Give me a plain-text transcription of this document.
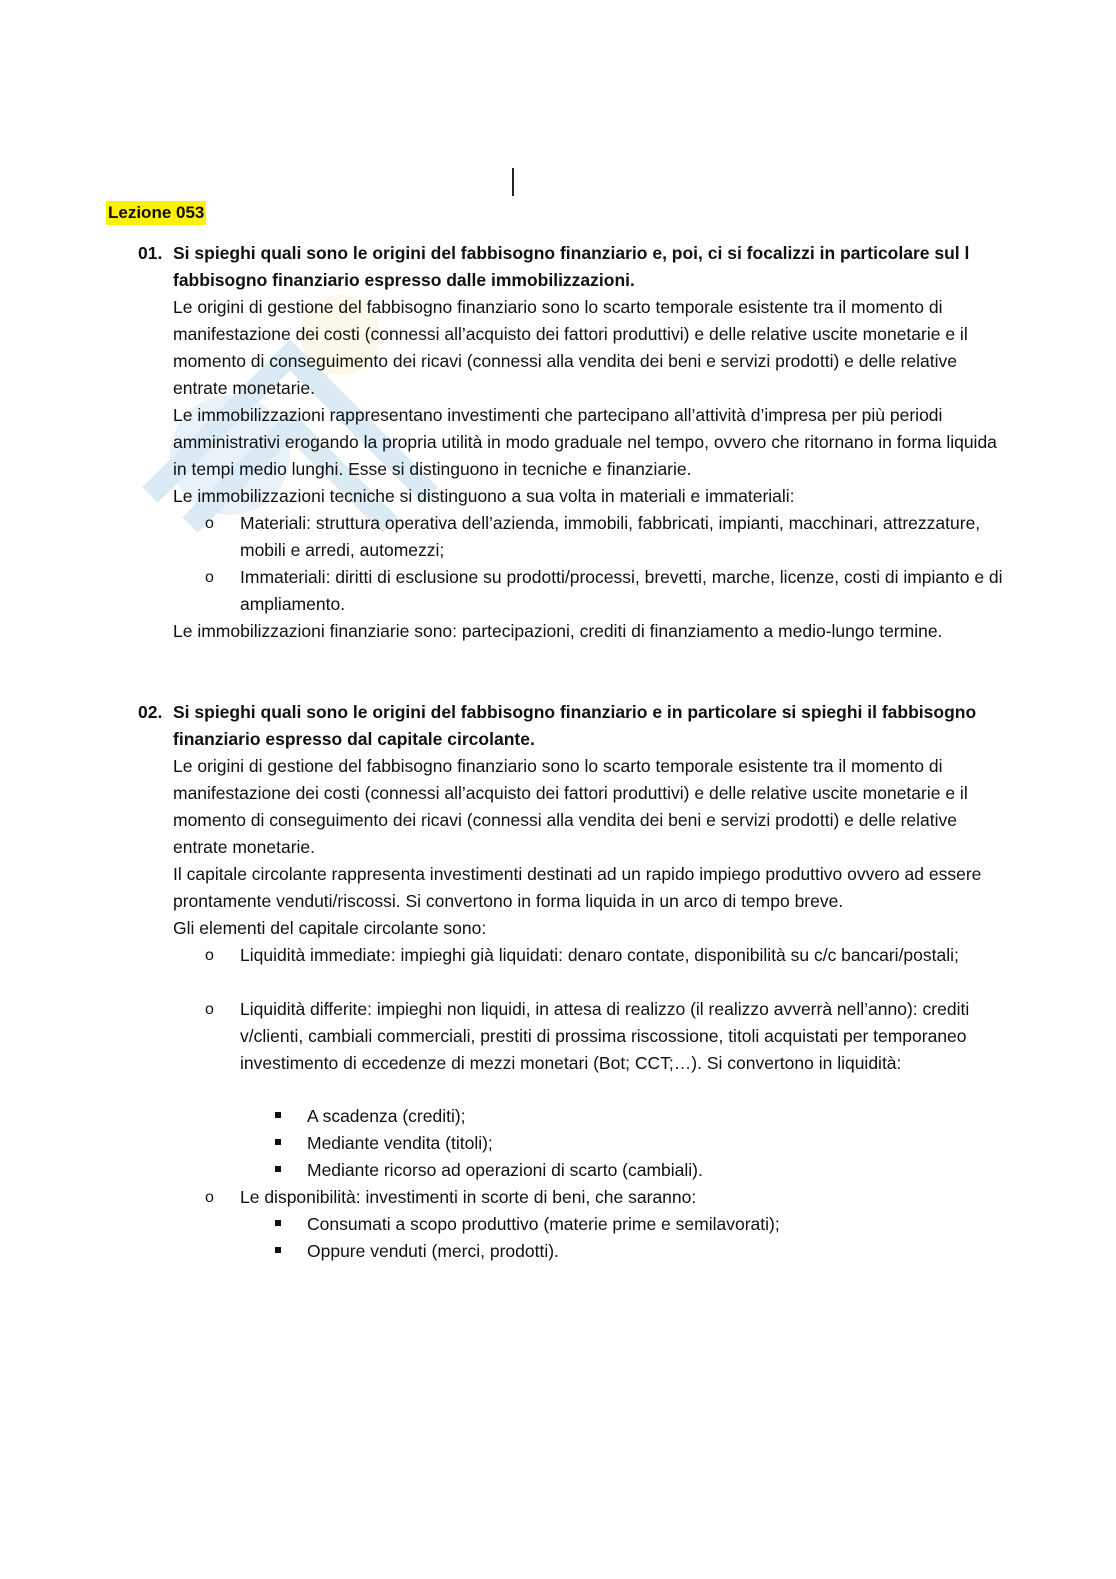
Lezione 053
01. Si spieghi quali sono le origini del fabbisogno finanziario e, poi, ci si focalizzi in particolare sul l fabbisogno finanziario espresso dalle immobilizzazioni.
Le origini di gestione del fabbisogno finanziario sono lo scarto temporale esistente tra il momento di manifestazione dei costi (connessi all’acquisto dei fattori produttivi) e delle relative uscite monetarie e il momento di conseguimento dei ricavi (connessi alla vendita dei beni e servizi prodotti) e delle relative entrate monetarie.
Le immobilizzazioni rappresentano investimenti che partecipano all’attività d’impresa per più periodi amministrativi erogando la propria utilità in modo graduale nel tempo, ovvero che ritornano in forma liquida in tempi medio lunghi. Esse si distinguono in tecniche e finanziarie.
Le immobilizzazioni tecniche si distinguono a sua volta in materiali e immateriali:
o Materiali: struttura operativa dell’azienda, immobili, fabbricati, impianti, macchinari, attrezzature, mobili e arredi, automezzi;
o Immateriali: diritti di esclusione su prodotti/processi, brevetti, marche, licenze, costi di impianto e di ampliamento.
Le immobilizzazioni finanziarie sono: partecipazioni, crediti di finanziamento a medio-lungo termine.
02. Si spieghi quali sono le origini del fabbisogno finanziario e in particolare si spieghi il fabbisogno finanziario espresso dal capitale circolante.
Le origini di gestione del fabbisogno finanziario sono lo scarto temporale esistente tra il momento di manifestazione dei costi (connessi all’acquisto dei fattori produttivi) e delle relative uscite monetarie e il momento di conseguimento dei ricavi (connessi alla vendita dei beni e servizi prodotti) e delle relative entrate monetarie.
Il capitale circolante rappresenta investimenti destinati ad un rapido impiego produttivo ovvero ad essere prontamente venduti/riscossi. Si convertono in forma liquida in un arco di tempo breve.
Gli elementi del capitale circolante sono:
o Liquidità immediate: impieghi già liquidati: denaro contate, disponibilità su c/c bancari/postali;
o Liquidità differite: impieghi non liquidi, in attesa di realizzo (il realizzo avverrà nell’anno): crediti v/clienti, cambiali commerciali, prestiti di prossima riscossione, titoli acquistati per temporaneo investimento di eccedenze di mezzi monetari (Bot; CCT;…). Si convertono in liquidità:
A scadenza (crediti);
Mediante vendita (titoli);
Mediante ricorso ad operazioni di scarto (cambiali).
o Le disponibilità: investimenti in scorte di beni, che saranno:
Consumati a scopo produttivo (materie prime e semilavorati);
Oppure venduti (merci, prodotti).
